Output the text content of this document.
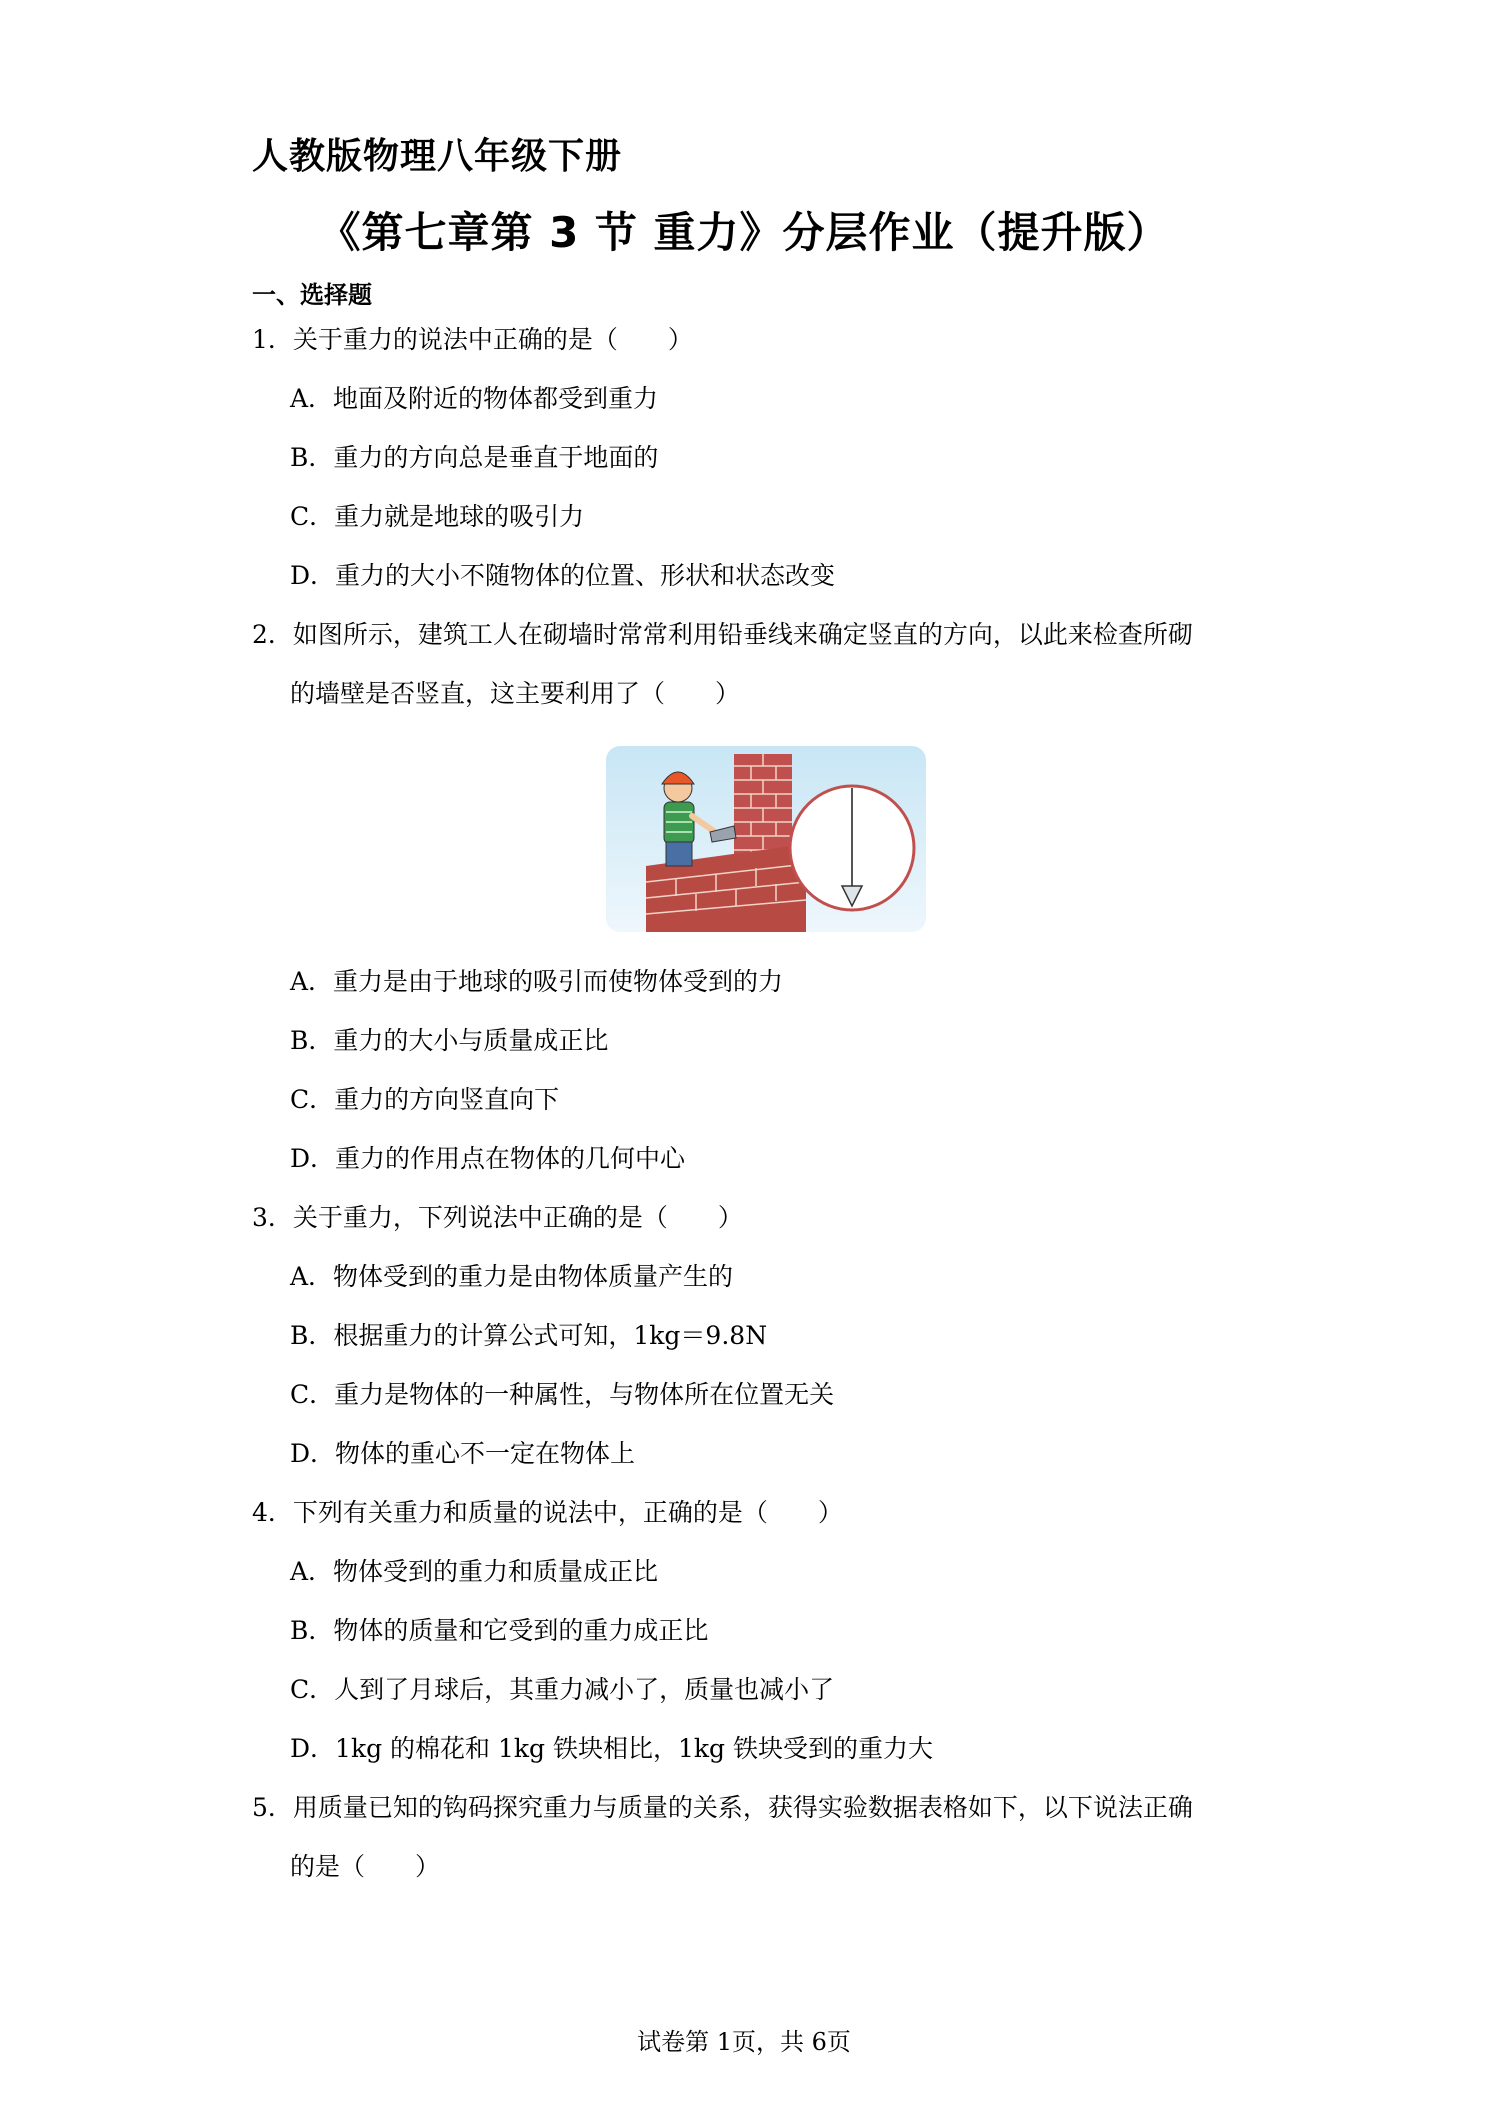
人教版物理八年级下册
《第七章第 3 节 重力》分层作业（提升版）
一、选择题
1．关于重力的说法中正确的是（　　）
A．地面及附近的物体都受到重力
B．重力的方向总是垂直于地面的
C．重力就是地球的吸引力
D．重力的大小不随物体的位置、形状和状态改变
2．如图所示，建筑工人在砌墙时常常利用铅垂线来确定竖直的方向，以此来检查所砌
的墙壁是否竖直，这主要利用了（　　）
A．重力是由于地球的吸引而使物体受到的力
B．重力的大小与质量成正比
C．重力的方向竖直向下
D．重力的作用点在物体的几何中心
3．关于重力，下列说法中正确的是（　　）
A．物体受到的重力是由物体质量产生的
B．根据重力的计算公式可知，1kg＝9.8N
C．重力是物体的一种属性，与物体所在位置无关
D．物体的重心不一定在物体上
4．下列有关重力和质量的说法中，正确的是（　　）
A．物体受到的重力和质量成正比
B．物体的质量和它受到的重力成正比
C．人到了月球后，其重力减小了，质量也减小了
D．1kg 的棉花和 1kg 铁块相比，1kg 铁块受到的重力大
5．用质量已知的钩码探究重力与质量的关系，获得实验数据表格如下，以下说法正确
的是（　　）
试卷第 1页，共 6页
